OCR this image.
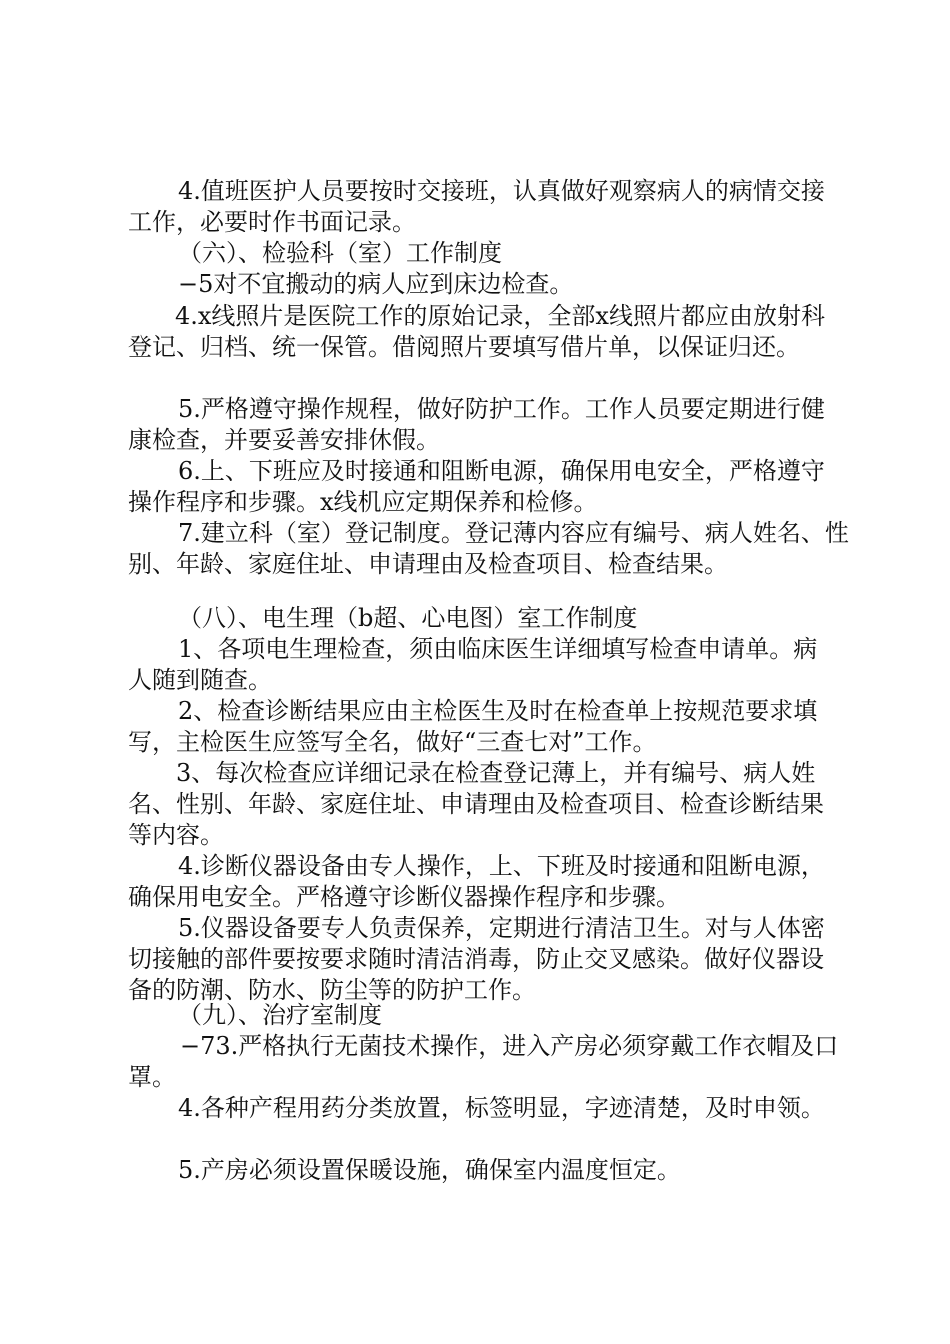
4.值班医护人员要按时交接班，认真做好观察病人的病情交接工作，必要时作书面记录。

（六）、检验科（室）工作制度

−5对不宜搬动的病人应到床边检查。

4.x线照片是医院工作的原始记录，全部x线照片都应由放射科登记、归档、统一保管。借阅照片要填写借片单，以保证归还。

5.严格遵守操作规程，做好防护工作。工作人员要定期进行健康检查，并要妥善安排休假。

6.上、下班应及时接通和阻断电源，确保用电安全，严格遵守操作程序和步骤。x线机应定期保养和检修。

7.建立科（室）登记制度。登记薄内容应有编号、病人姓名、性别、年龄、家庭住址、申请理由及检查项目、检查结果。

（八）、电生理（b超、心电图）室工作制度

1、各项电生理检查，须由临床医生详细填写检查申请单。病人随到随查。

2、检查诊断结果应由主检医生及时在检查单上按规范要求填写，主检医生应签写全名，做好“三查七对”工作。

3、每次检查应详细记录在检查登记薄上，并有编号、病人姓名、性别、年龄、家庭住址、申请理由及检查项目、检查诊断结果等内容。

4.诊断仪器设备由专人操作，上、下班及时接通和阻断电源，确保用电安全。严格遵守诊断仪器操作程序和步骤。

5.仪器设备要专人负责保养，定期进行清洁卫生。对与人体密切接触的部件要按要求随时清洁消毒，防止交叉感染。做好仪器设备的防潮、防水、防尘等的防护工作。

（九）、治疗室制度

−73.严格执行无菌技术操作，进入产房必须穿戴工作衣帽及口罩。

4.各种产程用药分类放置，标签明显，字迹清楚，及时申领。

5.产房必须设置保暖设施，确保室内温度恒定。
